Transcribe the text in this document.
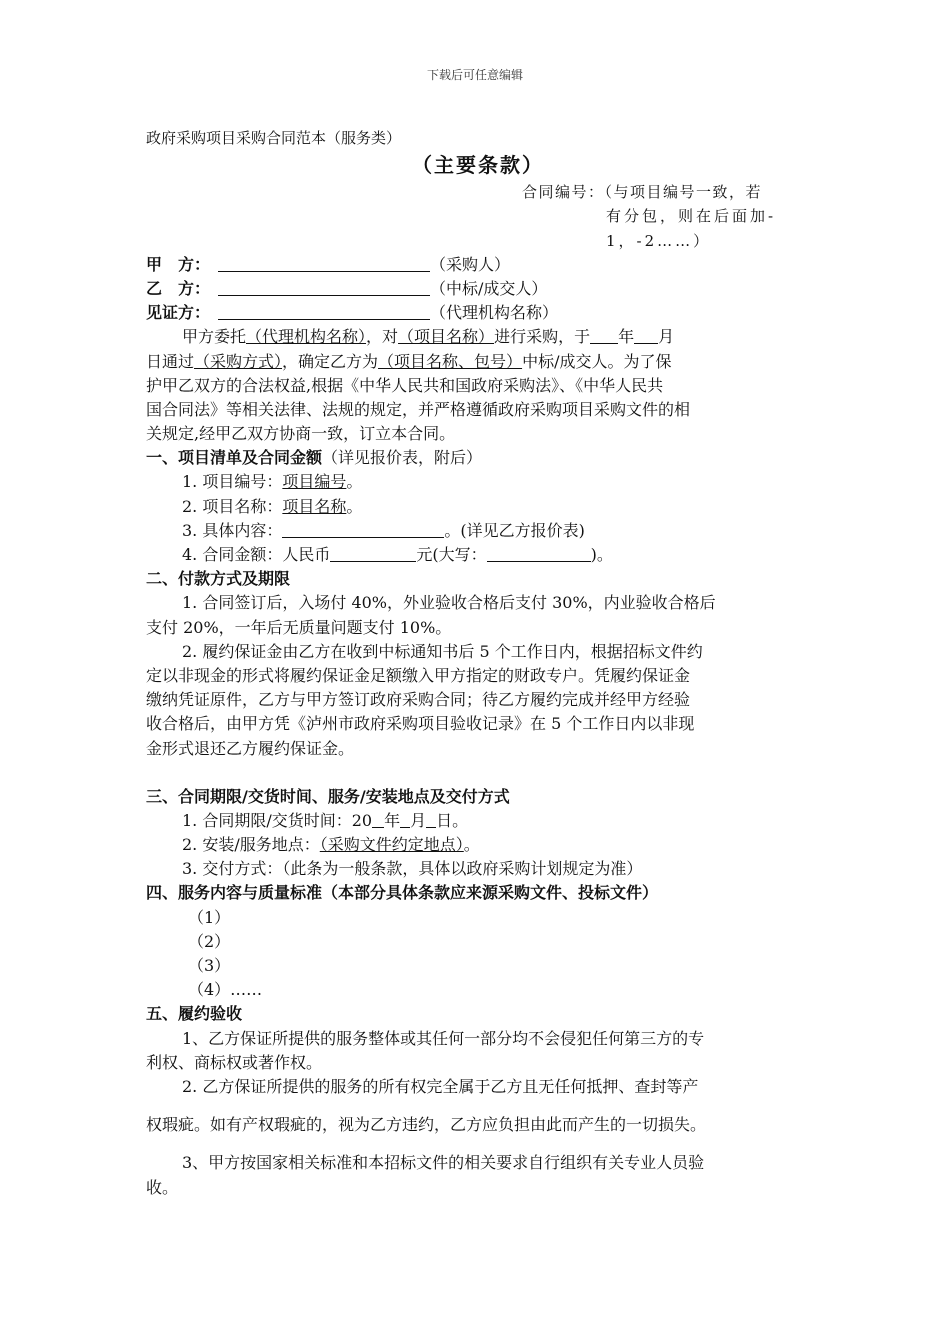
下载后可任意编辑
政府采购项目采购合同范本（服务类）
（主要条款）
合同编号：（与项目编号一致，若
有分包，则在后面加-
1，-2……）
甲　方：	（采购人）
乙　方：	（中标/成交人）
见证方：	（代理机构名称）
甲方委托（代理机构名称），对（项目名称）进行采购，于 年 月
日通过（采购方式），确定乙方为（项目名称、包号）中标/成交人。为了保
护甲乙双方的合法权益,根据《中华人民共和国政府采购法》、《中华人民共
国合同法》等相关法律、法规的规定，并严格遵循政府采购项目采购文件的相
关规定,经甲乙双方协商一致，订立本合同。
一、项目清单及合同金额（详见报价表，附后）
1. 项目编号：项目编号。
2. 项目名称：项目名称。
3. 具体内容：	。(详见乙方报价表)
4. 合同金额：人民币	元(大写：	)。
二、付款方式及期限
1. 合同签订后，入场付 40%，外业验收合格后支付 30%，内业验收合格后
支付 20%，一年后无质量问题支付 10%。
2. 履约保证金由乙方在收到中标通知书后 5 个工作日内，根据招标文件约
定以非现金的形式将履约保证金足额缴入甲方指定的财政专户。凭履约保证金
缴纳凭证原件，乙方与甲方签订政府采购合同；待乙方履约完成并经甲方经验
收合格后，由甲方凭《泸州市政府采购项目验收记录》在 5 个工作日内以非现
金形式退还乙方履约保证金。
三、合同期限/交货时间、服务/安装地点及交付方式
1. 合同期限/交货时间：20 年 月 日。
2. 安装/服务地点：（采购文件约定地点）。
3. 交付方式：（此条为一般条款，具体以政府采购计划规定为准）
四、服务内容与质量标准（本部分具体条款应来源采购文件、投标文件）
（1）
（2）
（3）
（4）……
五、履约验收
1、乙方保证所提供的服务整体或其任何一部分均不会侵犯任何第三方的专
利权、商标权或著作权。
2. 乙方保证所提供的服务的所有权完全属于乙方且无任何抵押、查封等产
权瑕疵。如有产权瑕疵的，视为乙方违约，乙方应负担由此而产生的一切损失。
3、甲方按国家相关标准和本招标文件的相关要求自行组织有关专业人员验
收。
